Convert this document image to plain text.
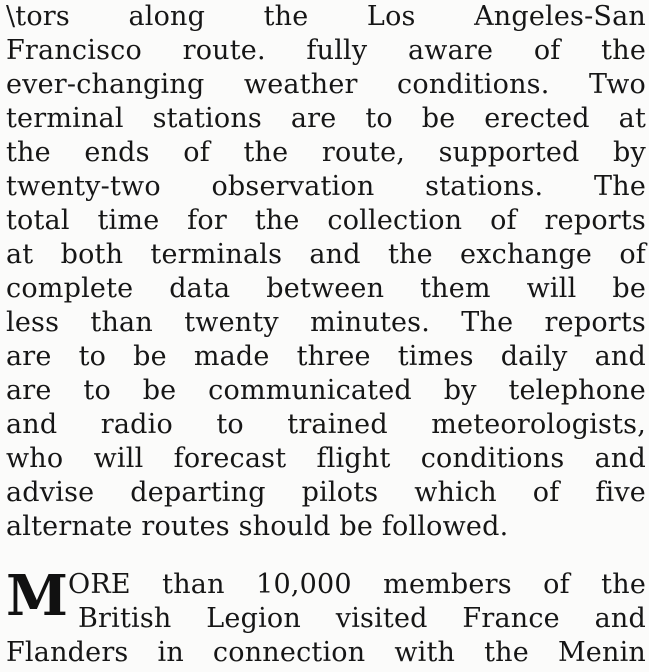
\tors along the Los Angeles-San
Francisco route. fully aware of the
ever-changing weather conditions. Two
terminal stations are to be erected at
the ends of the route, supported by
twenty-two observation stations. The
total time for the collection of reports
at both terminals and the exchange of
complete data between them will be
less than twenty minutes. The reports
are to be made three times daily and
are to be communicated by telephone
and radio to trained meteorologists,
who will forecast flight conditions and
advise departing pilots which of five
alternate routes should be followed.
M ORE than 10,000 members of the
British Legion visited France and
Flanders in connection with the Menin
